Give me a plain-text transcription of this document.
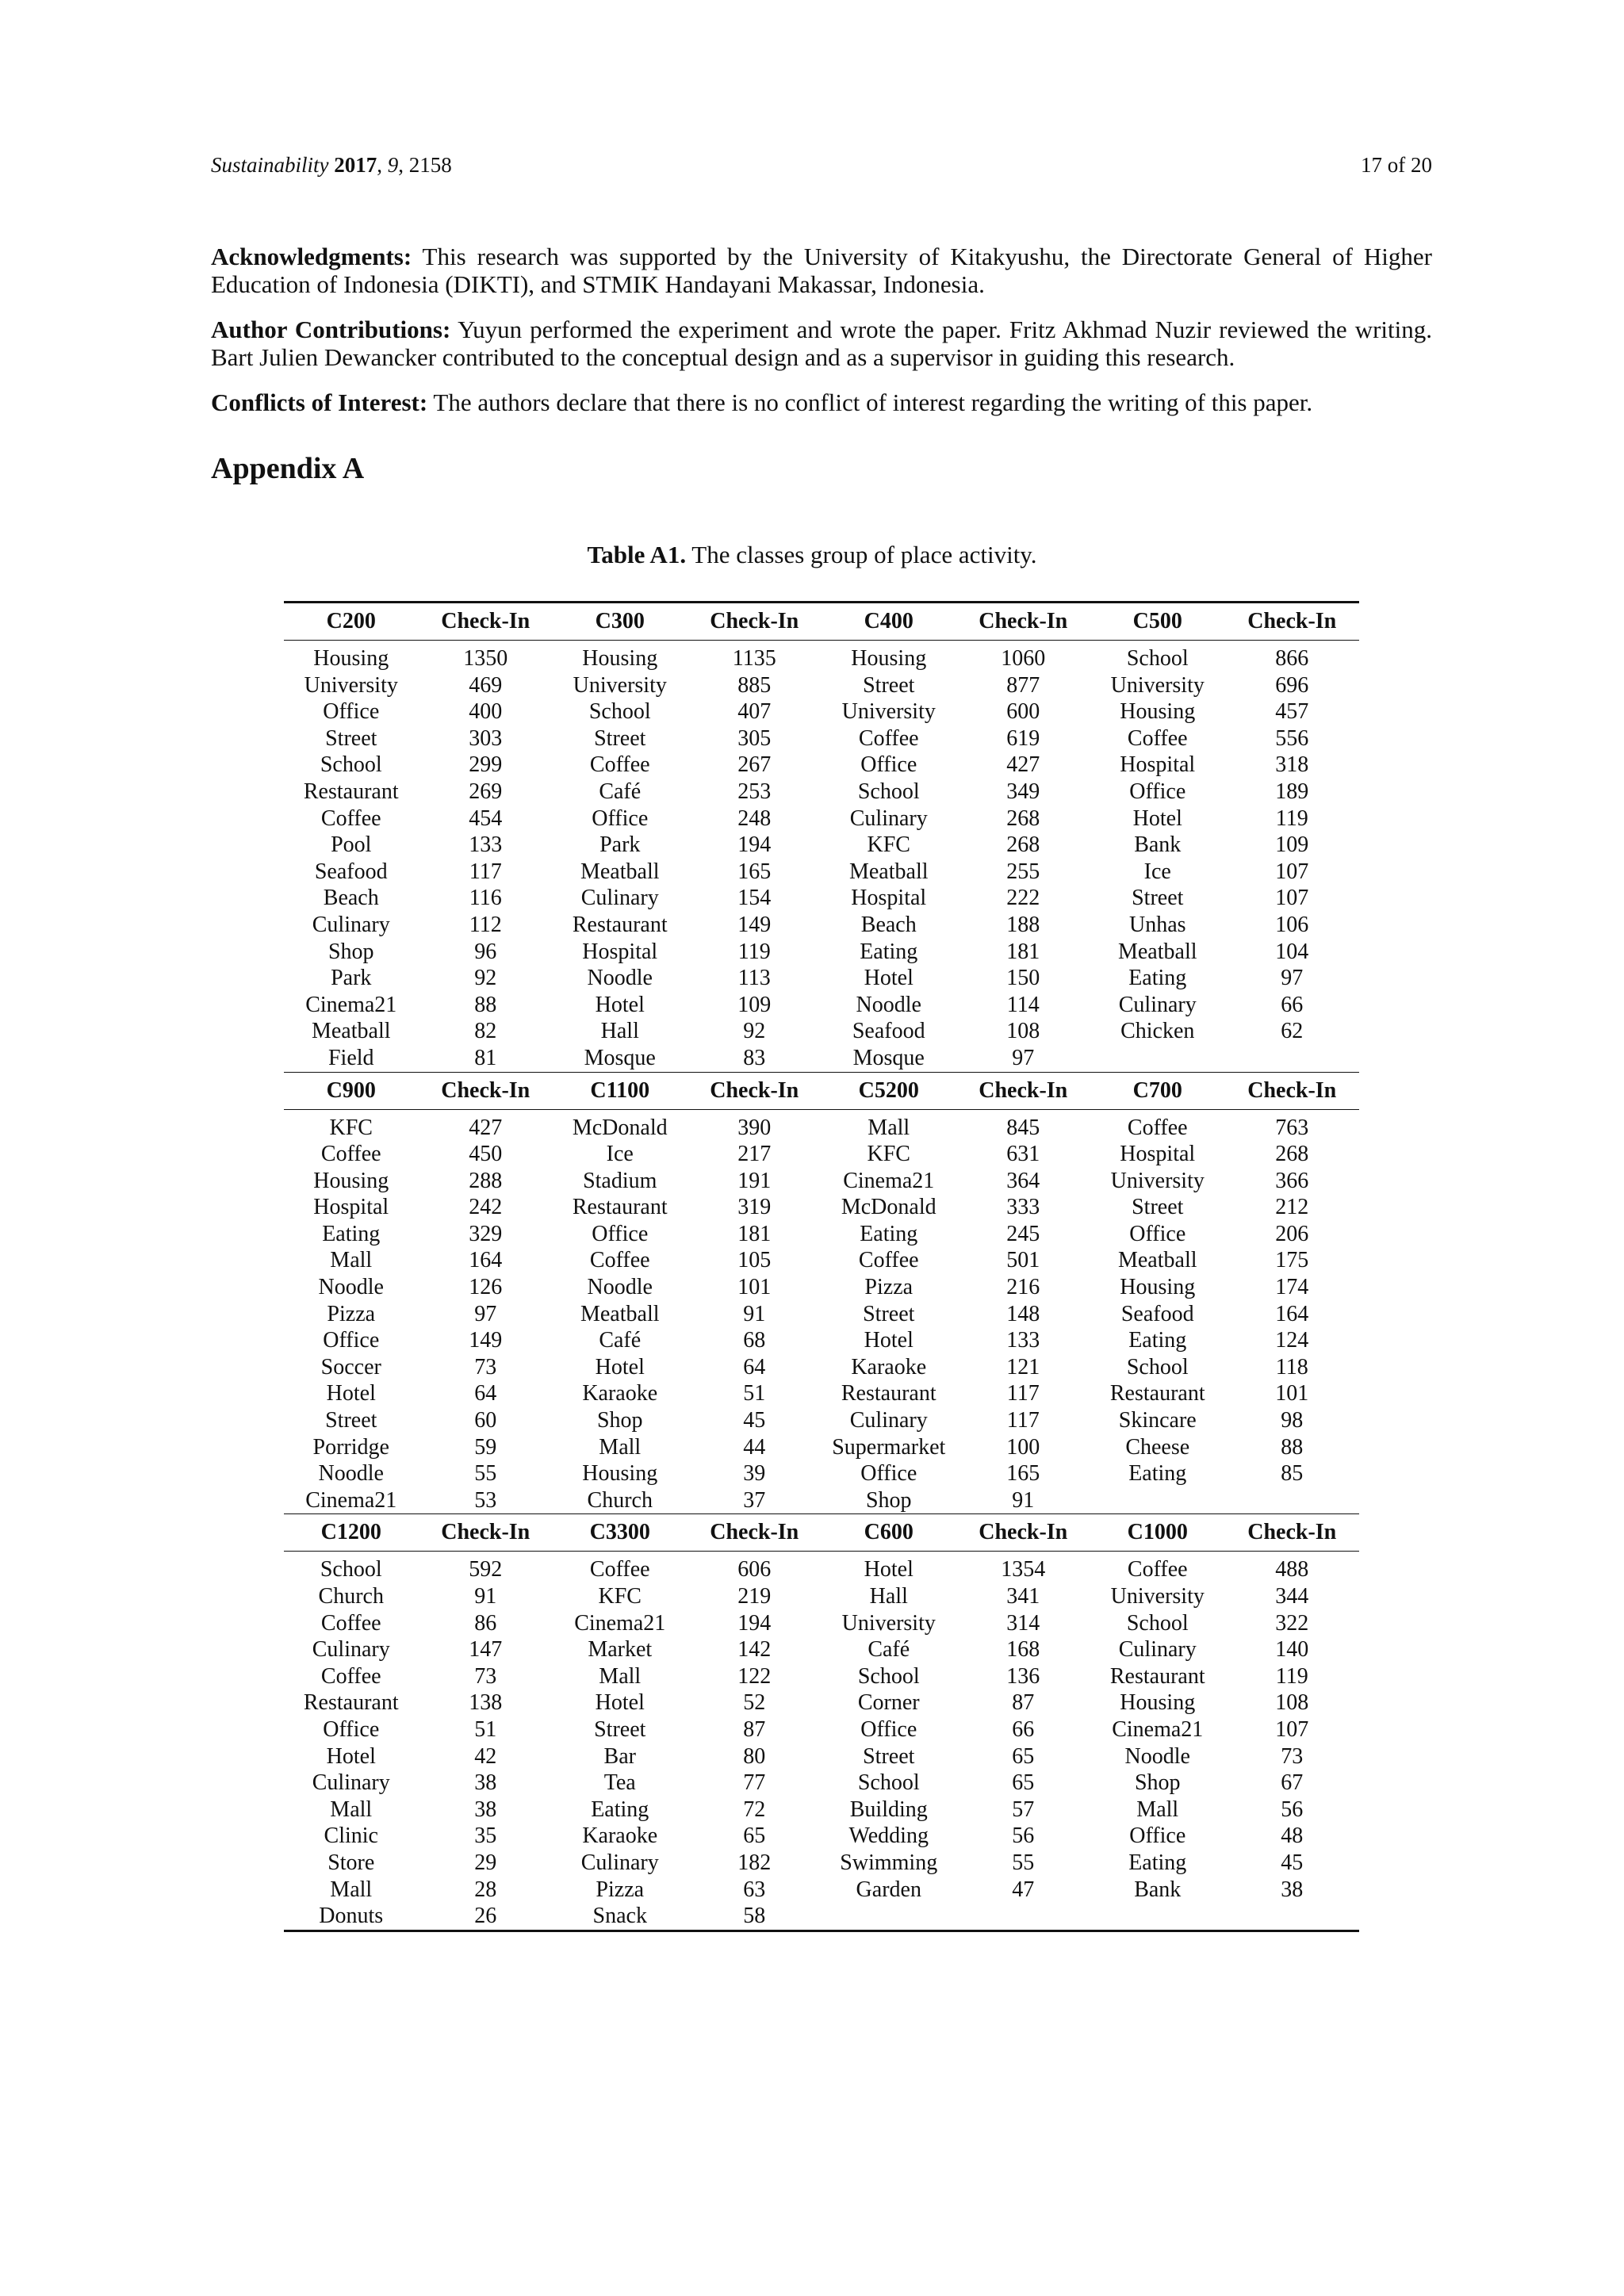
Sustainability 2017, 9, 2158	17 of 20

Acknowledgments: This research was supported by the University of Kitakyushu, the Directorate General of Higher Education of Indonesia (DIKTI), and STMIK Handayani Makassar, Indonesia.

Author Contributions: Yuyun performed the experiment and wrote the paper. Fritz Akhmad Nuzir reviewed the writing. Bart Julien Dewancker contributed to the conceptual design and as a supervisor in guiding this research.

Conflicts of Interest: The authors declare that there is no conflict of interest regarding the writing of this paper.

Appendix A
Table A1. The classes group of place activity.
C200	Check-In	C300	Check-In	C400	Check-In	C500	Check-In

Housing	1350	Housing	1135	Housing	1060	School	866
University	469	University	885	Street	877	University	696
Office	400	School	407	University	600	Housing	457
Street	303	Street	305	Coffee	619	Coffee	556
School	299	Coffee	267	Office	427	Hospital	318
Restaurant	269	Café	253	School	349	Office	189
Coffee	454	Office	248	Culinary	268	Hotel	119
Pool	133	Park	194	KFC	268	Bank	109
Seafood	117	Meatball	165	Meatball	255	Ice	107
Beach	116	Culinary	154	Hospital	222	Street	107
Culinary	112	Restaurant	149	Beach	188	Unhas	106
Shop	96	Hospital	119	Eating	181	Meatball	104
Park	92	Noodle	113	Hotel	150	Eating	97
Cinema21	88	Hotel	109	Noodle	114	Culinary	66
Meatball	82	Hall	92	Seafood	108	Chicken	62
Field	81	Mosque	83	Mosque	97		
C900	Check-In	C1100	Check-In	C5200	Check-In	C700	Check-In

KFC	427	McDonald	390	Mall	845	Coffee	763
Coffee	450	Ice	217	KFC	631	Hospital	268
Housing	288	Stadium	191	Cinema21	364	University	366
Hospital	242	Restaurant	319	McDonald	333	Street	212
Eating	329	Office	181	Eating	245	Office	206
Mall	164	Coffee	105	Coffee	501	Meatball	175
Noodle	126	Noodle	101	Pizza	216	Housing	174
Pizza	97	Meatball	91	Street	148	Seafood	164
Office	149	Café	68	Hotel	133	Eating	124
Soccer	73	Hotel	64	Karaoke	121	School	118
Hotel	64	Karaoke	51	Restaurant	117	Restaurant	101
Street	60	Shop	45	Culinary	117	Skincare	98
Porridge	59	Mall	44	Supermarket	100	Cheese	88
Noodle	55	Housing	39	Office	165	Eating	85
Cinema21	53	Church	37	Shop	91		
C1200	Check-In	C3300	Check-In	C600	Check-In	C1000	Check-In

School	592	Coffee	606	Hotel	1354	Coffee	488
Church	91	KFC	219	Hall	341	University	344
Coffee	86	Cinema21	194	University	314	School	322
Culinary	147	Market	142	Café	168	Culinary	140
Coffee	73	Mall	122	School	136	Restaurant	119
Restaurant	138	Hotel	52	Corner	87	Housing	108
Office	51	Street	87	Office	66	Cinema21	107
Hotel	42	Bar	80	Street	65	Noodle	73
Culinary	38	Tea	77	School	65	Shop	67
Mall	38	Eating	72	Building	57	Mall	56
Clinic	35	Karaoke	65	Wedding	56	Office	48
Store	29	Culinary	182	Swimming	55	Eating	45
Mall	28	Pizza	63	Garden	47	Bank	38
Donuts	26	Snack	58				
